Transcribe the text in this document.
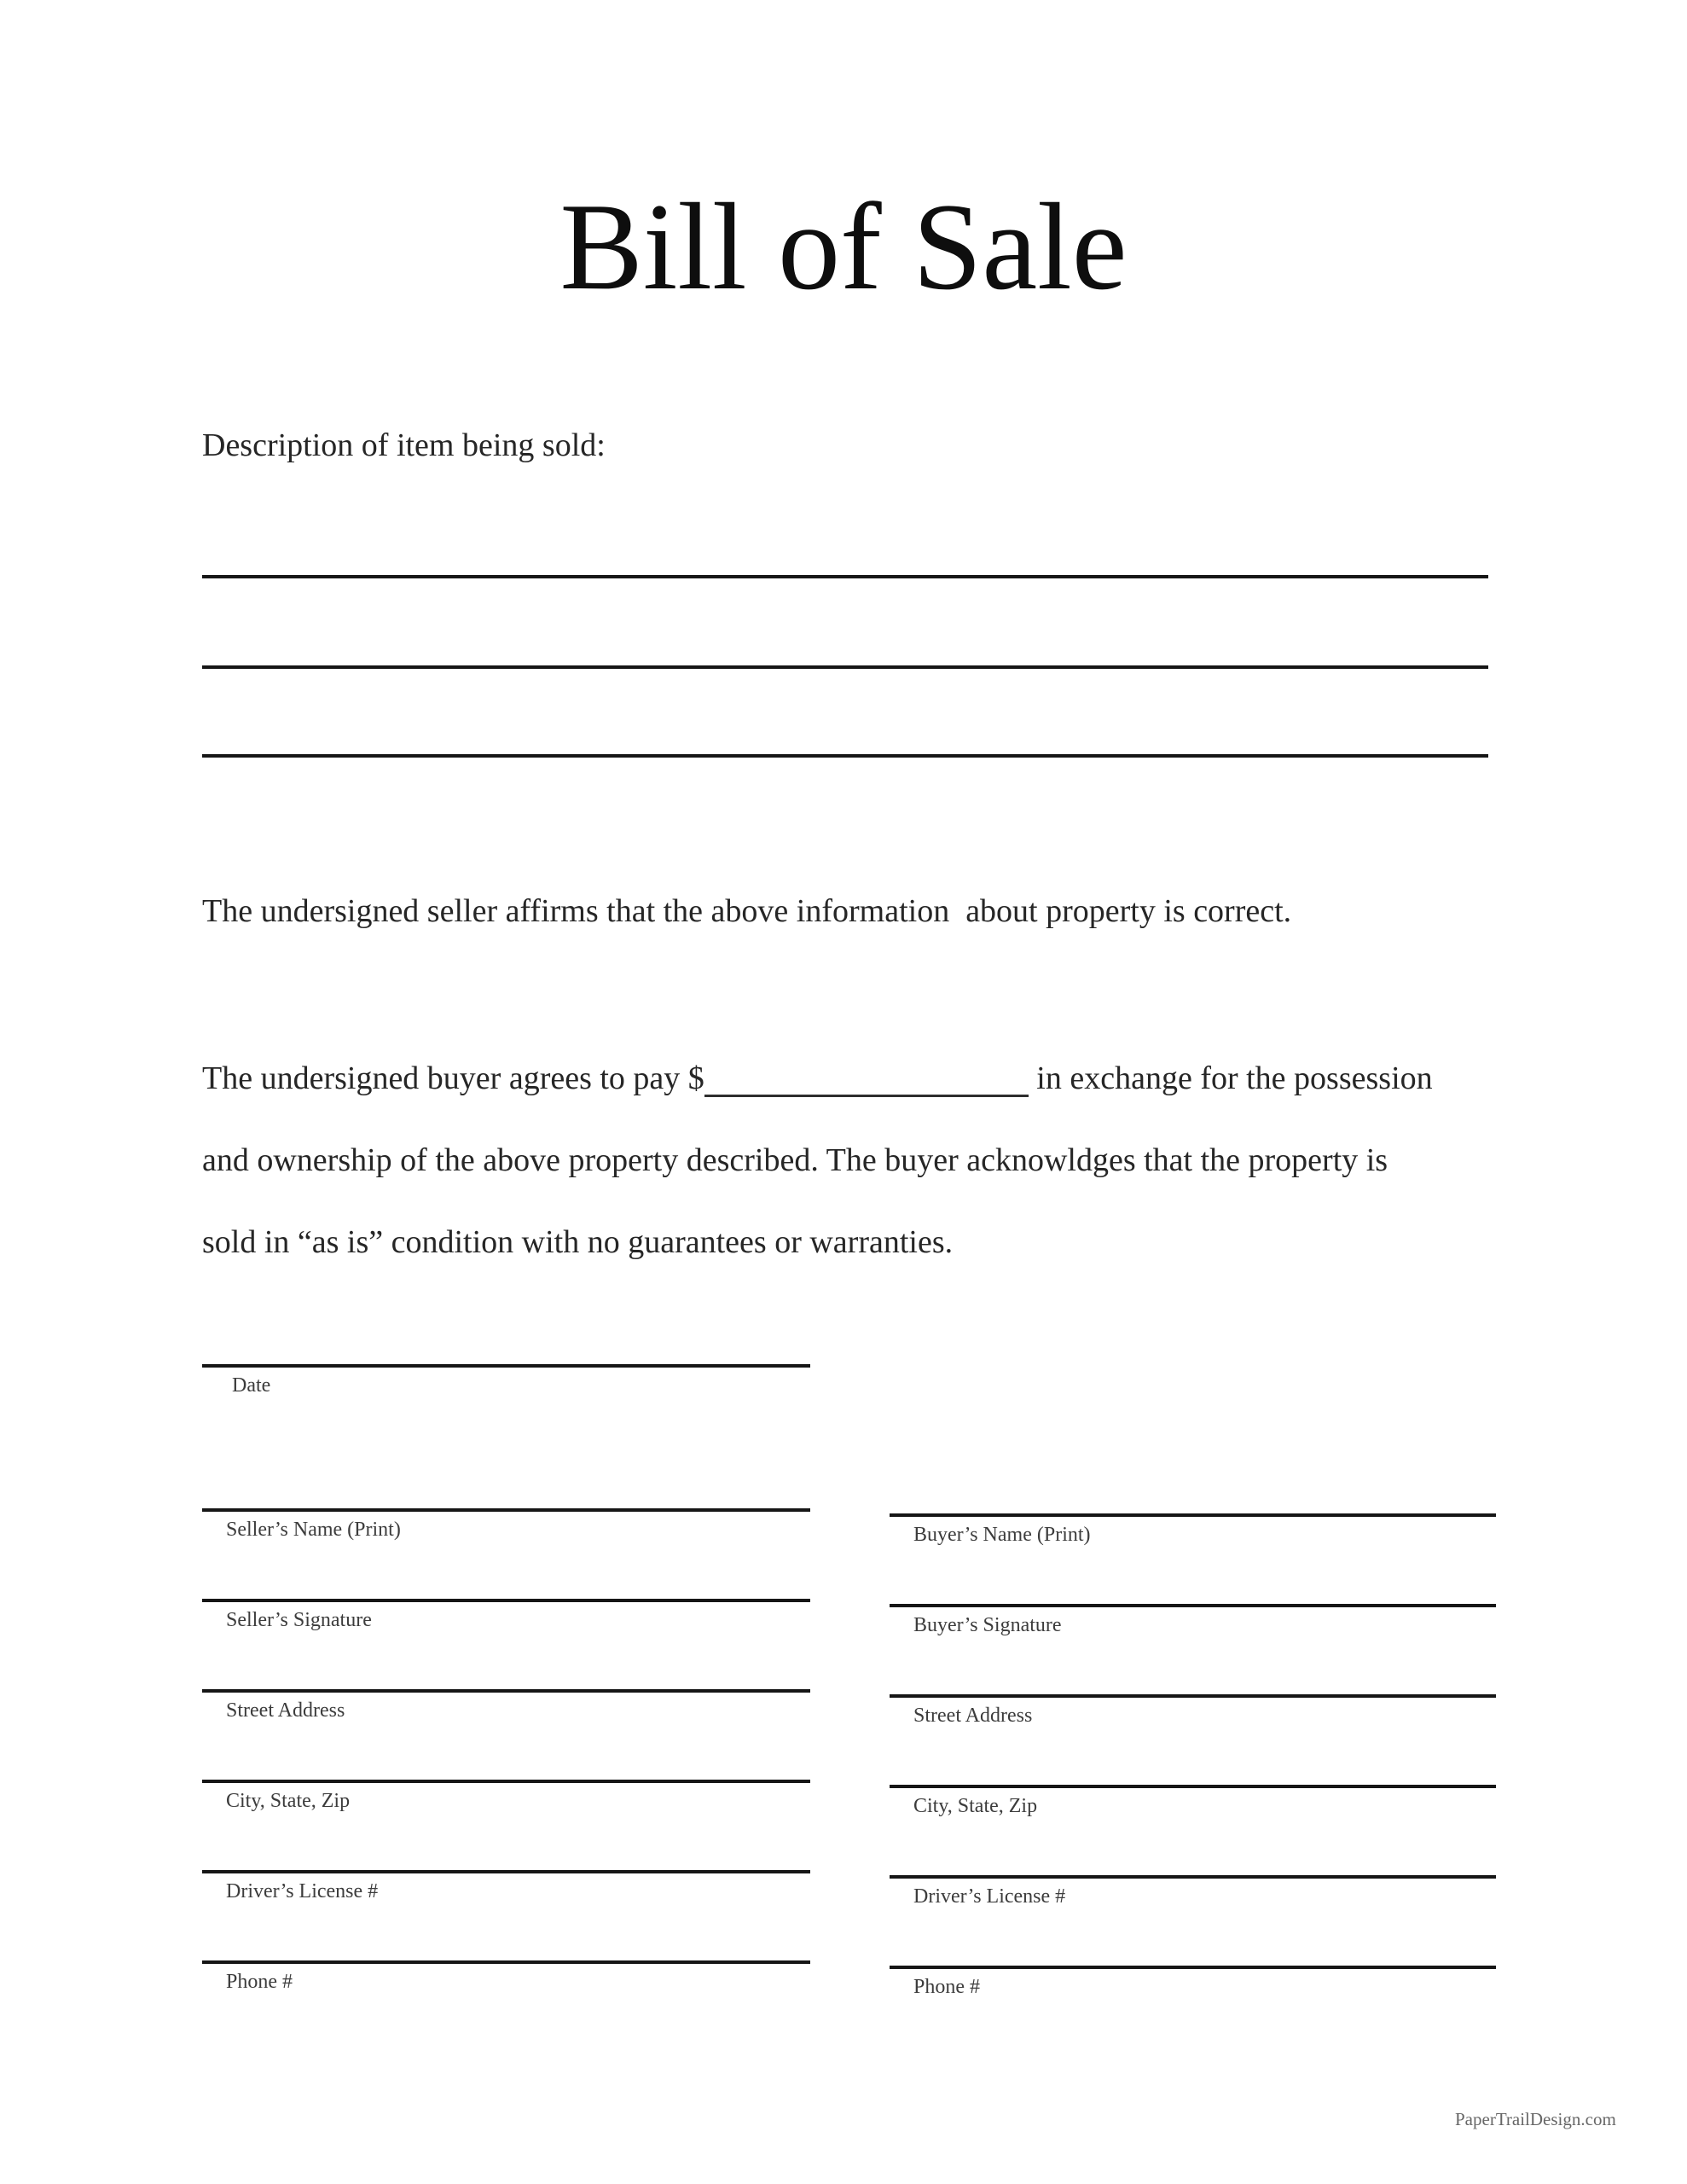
Bill of Sale
Description of item being sold:
The undersigned seller affirms that the above information  about property is correct.
The undersigned buyer agrees to pay $	in exchange for the possession
and ownership of the above property described. The buyer acknowldges that the property is
sold in “as is” condition with no guarantees or warranties.
Date
Seller’s Name (Print)
Seller’s Signature
Street Address
City, State, Zip
Driver’s License #
Phone #
Buyer’s Name (Print)
Buyer’s Signature
Street Address
City, State, Zip
Driver’s License #
Phone #
PaperTrailDesign.com
